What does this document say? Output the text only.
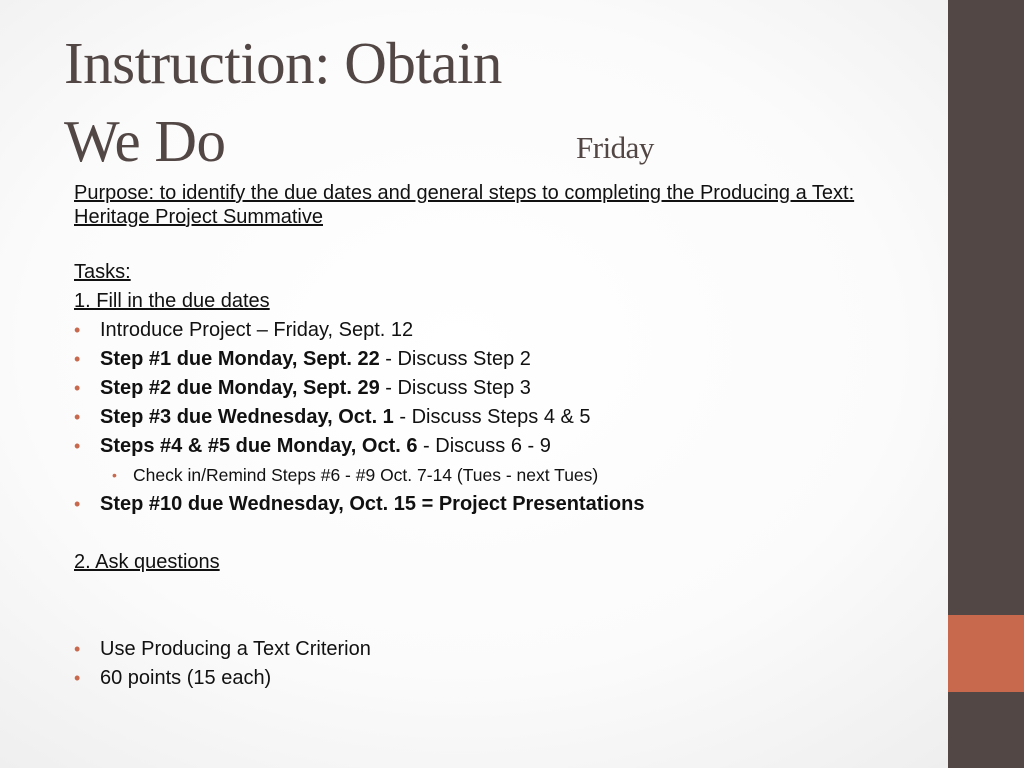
Instruction: Obtain
We Do	Friday

Purpose: to identify the due dates and general steps to completing the Producing a Text: Heritage Project Summative

Tasks:

1. Fill in the due dates

• Introduce Project – Friday, Sept. 12
• Step #1 due Monday, Sept. 22 - Discuss Step 2
• Step #2 due Monday, Sept. 29 - Discuss Step 3
• Step #3 due Wednesday, Oct. 1 - Discuss Steps 4 & 5
• Steps #4 & #5 due Monday, Oct. 6 - Discuss 6 - 9
• Check in/Remind Steps #6 - #9 Oct. 7-14 (Tues - next Tues)
• Step #10 due Wednesday, Oct. 15 = Project Presentations

2. Ask questions

• Use Producing a Text Criterion
• 60 points (15 each)
